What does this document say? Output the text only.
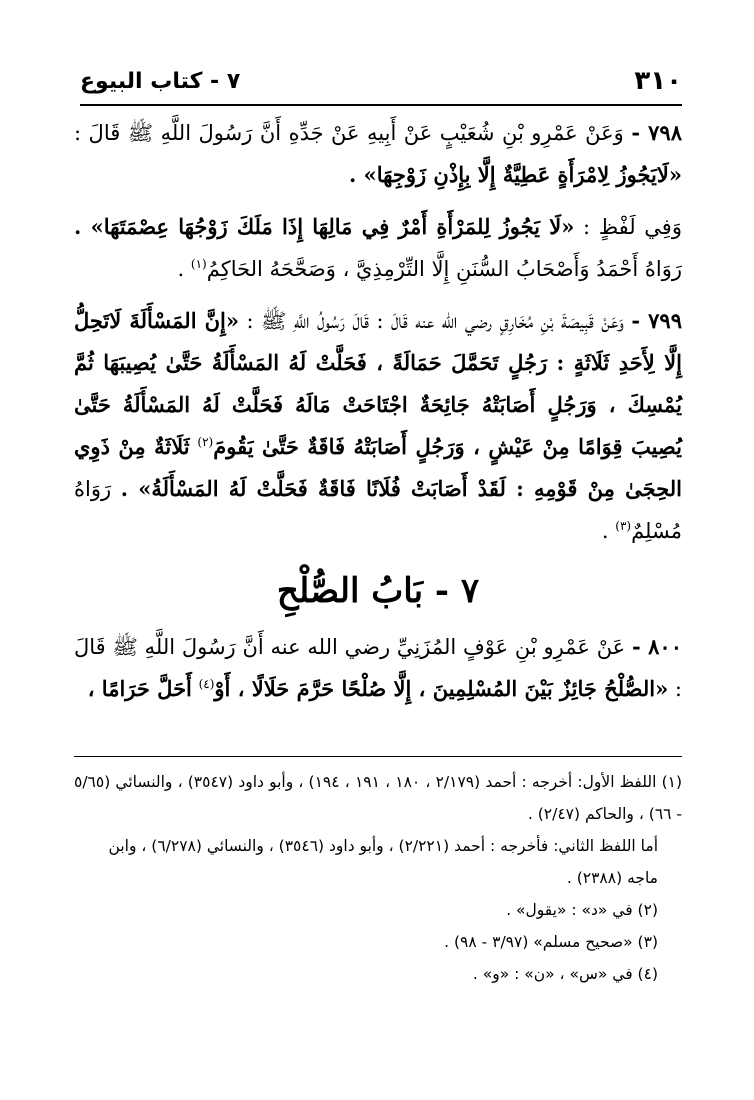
٣١٠
٧ - كتاب البيوع

٧٩٨ - وَعَنْ عَمْرِو بْنِ شُعَيْبٍ عَنْ أَبِيهِ عَنْ جَدِّهِ أَنَّ رَسُولَ اللَّهِ ﷺ قَالَ : «لَايَجُوزُ لِامْرَأَةٍ عَطِيَّةٌ إِلَّا بِإِذْنِ زَوْجِهَا» .

وَفِي لَفْظٍ : «لَا يَجُوزُ لِلمَرْأَةِ أَمْرٌ فِي مَالِهَا إِذَا مَلَكَ زَوْجُهَا عِصْمَتَهَا» . رَوَاهُ أَحْمَدُ وَأَصْحَابُ السُّنَنِ إِلَّا التِّرْمِذِيَّ ، وَصَحَّحَهُ الحَاكِمُ$^{(١)}$ .

٧٩٩ - وَعَنْ قَبِيصَةَ بْنِ مُخَارِقٍ رضي الله عنه قَالَ : قَالَ رَسُولُ اللَّهِ ﷺ : «إِنَّ المَسْأَلَةَ لَاتَحِلُّ إِلَّا لِأَحَدِ ثَلَاثَةٍ : رَجُلٍ تَحَمَّلَ حَمَالَةً ، فَحَلَّتْ لَهُ المَسْأَلَةُ حَتَّىٰ يُصِيبَهَا ثُمَّ يُمْسِكَ ، وَرَجُلٍ أَصَابَتْهُ جَائِحَةٌ اجْتَاحَتْ مَالَهُ فَحَلَّتْ لَهُ المَسْأَلَةُ حَتَّىٰ يُصِيبَ قِوَامًا مِنْ عَيْشٍ ، وَرَجُلٍ أَصَابَتْهُ فَاقَةٌ حَتَّىٰ يَقُومَ$^{(٢)}$ ثَلَاثَةٌ مِنْ ذَوِي الحِجَىٰ مِنْ قَوْمِهِ : لَقَدْ أَصَابَتْ فُلَانًا فَاقَةٌ فَحَلَّتْ لَهُ المَسْأَلَةُ» . رَوَاهُ مُسْلِمٌ$^{(٣)}$ .

٧ - بَابُ الصُّلْحِ

٨٠٠ - عَنْ عَمْرِو بْنِ عَوْفٍ المُزَنِيِّ رضي الله عنه أَنَّ رَسُولَ اللَّهِ ﷺ قَالَ : «الصُّلْحُ جَائِزٌ بَيْنَ المُسْلِمِينَ ، إِلَّا صُلْحًا حَرَّمَ حَلَالًا ، أَوْ$^{(٤)}$ أَحَلَّ حَرَامًا ،

(١) اللفظ الأول: أخرجه : أحمد (٢/١٧٩ ، ١٨٠ ، ١٩١ ، ١٩٤) ، وأبو داود (٣٥٤٧) ، والنسائي (٥/٦٥ - ٦٦) ، والحاكم (٢/٤٧) .

أما اللفظ الثاني: فأخرجه : أحمد (٢/٢٢١) ، وأبو داود (٣٥٤٦) ، والنسائي (٦/٢٧٨) ، وابن ماجه (٢٣٨٨) .

(٢) في «د» : «يقول» .

(٣) «صحيح مسلم» (٣/٩٧ - ٩٨) .

(٤) في «س» ، «ن» : «و» .
